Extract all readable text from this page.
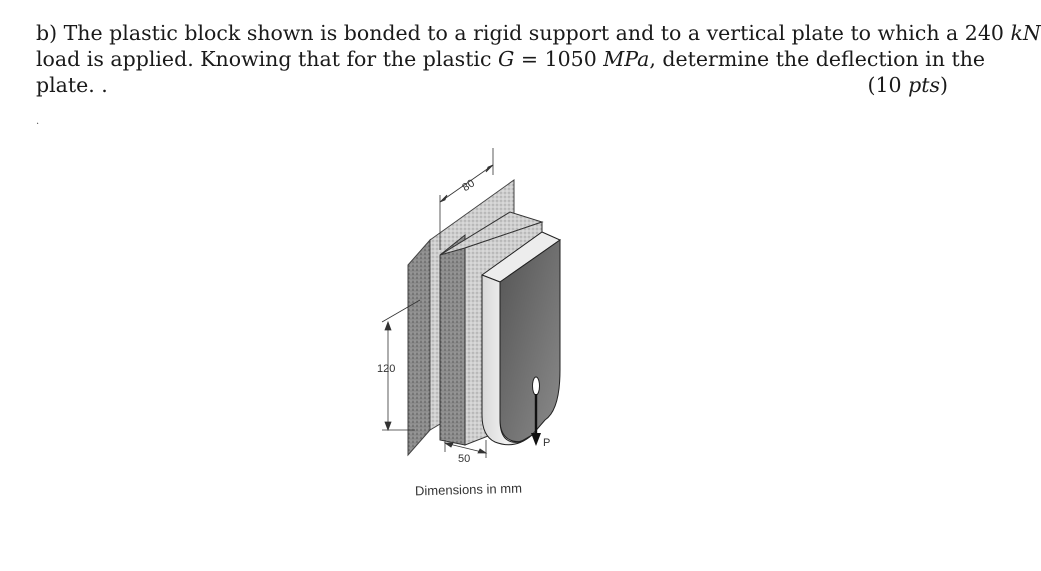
b) The plastic block shown is bonded to a rigid support and to a vertical plate to which a 240 kN
load is applied. Knowing that for the plastic G = 1050 MPa, determine the deflection in the
plate. .	(10 pts)
.
P
80
120
50
Dimensions in mm
